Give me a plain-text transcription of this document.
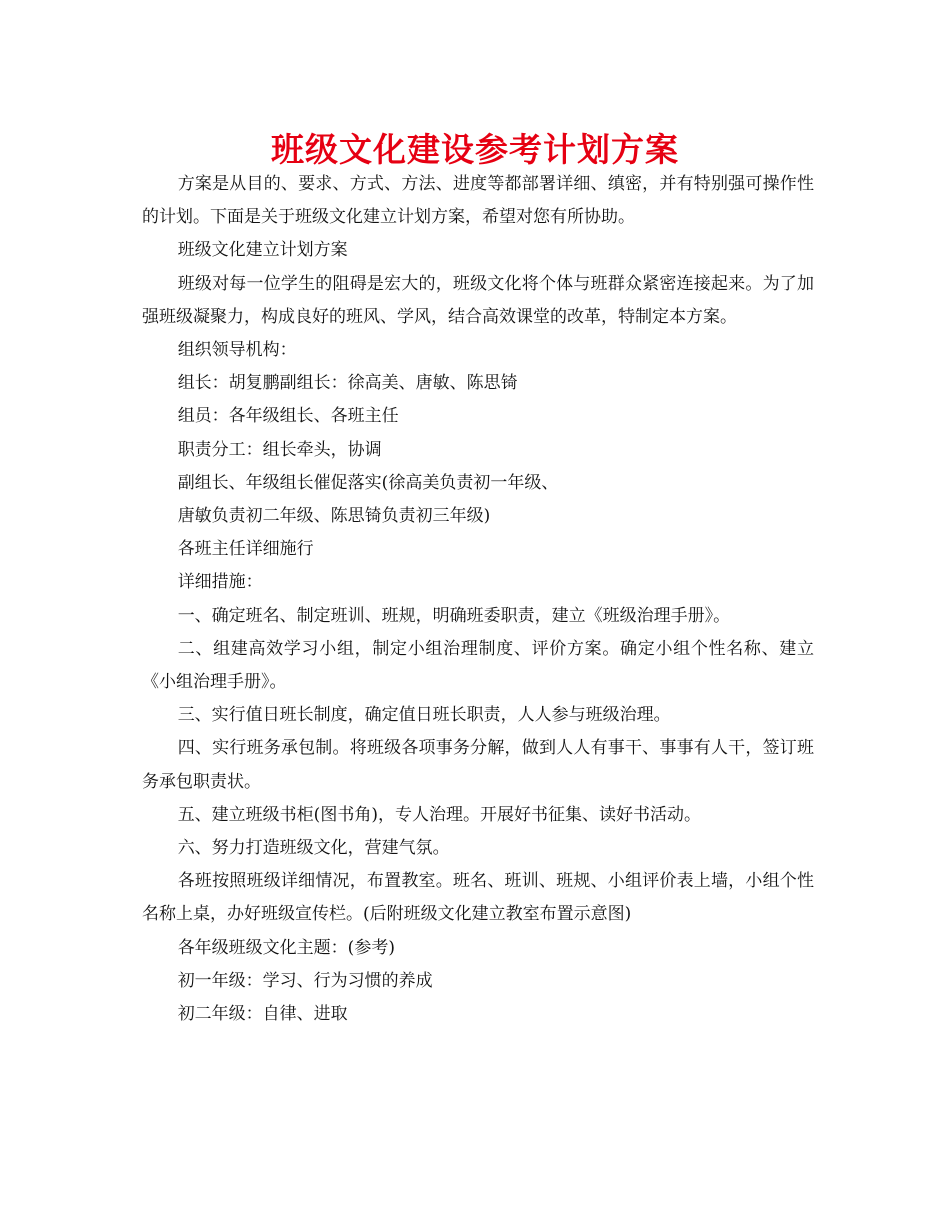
班级文化建设参考计划方案

方案是从目的、要求、方式、方法、进度等都部署详细、缜密，并有特别强可操作性的计划。下面是关于班级文化建立计划方案，希望对您有所协助。

班级文化建立计划方案

班级对每一位学生的阻碍是宏大的，班级文化将个体与班群众紧密连接起来。为了加强班级凝聚力，构成良好的班风、学风，结合高效课堂的改革，特制定本方案。

组织领导机构：

组长：胡复鹏副组长：徐高美、唐敏、陈思锜

组员：各年级组长、各班主任

职责分工：组长牵头，协调

副组长、年级组长催促落实(徐高美负责初一年级、

唐敏负责初二年级、陈思锜负责初三年级)

各班主任详细施行

详细措施：

一、确定班名、制定班训、班规，明确班委职责，建立《班级治理手册》。

二、组建高效学习小组，制定小组治理制度、评价方案。确定小组个性名称、建立《小组治理手册》。

三、实行值日班长制度，确定值日班长职责，人人参与班级治理。

四、实行班务承包制。将班级各项事务分解，做到人人有事干、事事有人干，签订班务承包职责状。

五、建立班级书柜(图书角)，专人治理。开展好书征集、读好书活动。

六、努力打造班级文化，营建气氛。

各班按照班级详细情况，布置教室。班名、班训、班规、小组评价表上墙，小组个性名称上桌，办好班级宣传栏。(后附班级文化建立教室布置示意图)

各年级班级文化主题：(参考)

初一年级：学习、行为习惯的养成

初二年级：自律、进取
